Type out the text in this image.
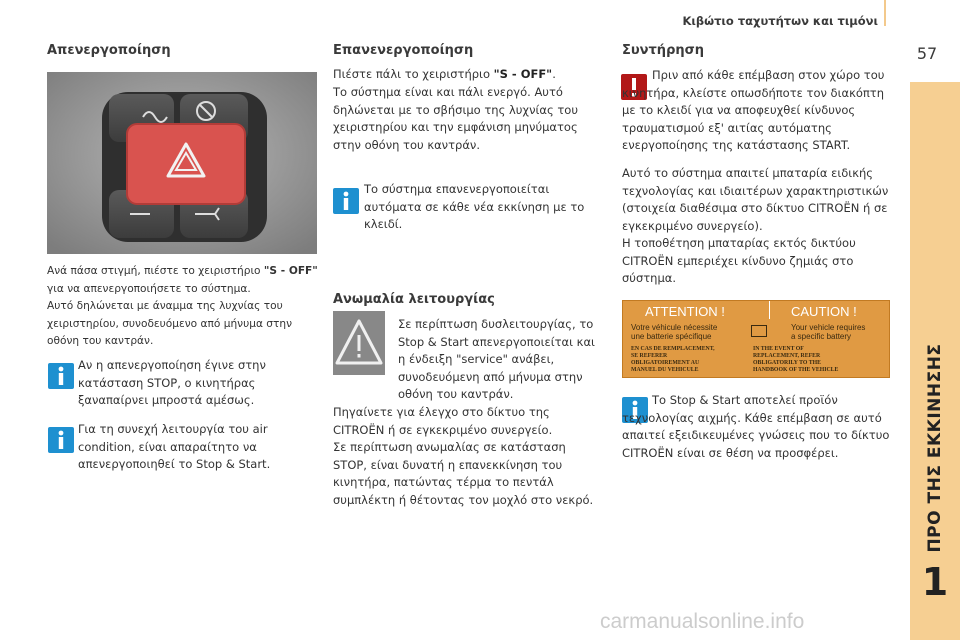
Κιβώτιο ταχυτήτων και τιμόνι
57
ΠΡΟ ΤΗΣ ΕΚΚΙΝΗΣΗΣ
1
Απενεργοποίηση
Ανά πάσα στιγμή, πιέστε το χειριστήριο "S - OFF" για να απενεργοποιήσετε το σύστημα.
Αυτό δηλώνεται με άναμμα της λυχνίας του χειριστηρίου, συνοδευόμενο από μήνυμα στην οθόνη του καντράν.
Αν η απενεργοποίηση έγινε στην κατάσταση STOP, ο κινητήρας ξαναπαίρνει μπροστά αμέσως.
Για τη συνεχή λειτουργία του air condition, είναι απαραίτητο να απενεργοποιηθεί το Stop & Start.
Επανενεργοποίηση
Πιέστε πάλι το χειριστήριο "S - OFF".
Το σύστημα είναι και πάλι ενεργό. Αυτό δηλώνεται με το σβήσιμο της λυχνίας του χειριστηρίου και την εμφάνιση μηνύματος στην οθόνη του καντράν.
Το σύστημα επανενεργοποιείται αυτόματα σε κάθε νέα εκκίνηση με το κλειδί.
Ανωμαλία λειτουργίας
Σε περίπτωση δυσλειτουργίας, το Stop & Start απενεργοποιείται και η ένδειξη "service" ανάβει, συνοδευόμενη από μήνυμα στην οθόνη του καντράν.
Πηγαίνετε για έλεγχο στο δίκτυο της CITROËN ή σε εγκεκριμένο συνεργείο.
Σε περίπτωση ανωμαλίας σε κατάσταση STOP, είναι δυνατή η επανεκκίνηση του κινητήρα, πατώντας τέρμα το πεντάλ συμπλέκτη ή θέτοντας τον μοχλό στο νεκρό.
Συντήρηση
Πριν από κάθε επέμβαση στον χώρο του κινητήρα, κλείστε οπωσδήποτε τον διακόπτη με το κλειδί για να αποφευχθεί κίνδυνος τραυματισμού εξ' αιτίας αυτόματης ενεργοποίησης της κατάστασης START.
Αυτό το σύστημα απαιτεί μπαταρία ειδικής τεχνολογίας και ιδιαιτέρων χαρακτηριστικών (στοιχεία διαθέσιμα στο δίκτυο CITROËN ή σε εγκεκριμένο συνεργείο).
Η τοποθέτηση μπαταρίας εκτός δικτύου CITROËN εμπεριέχει κίνδυνο ζημιάς στο σύστημα.
ATTENTION !	CAUTION !
Votre véhicule nécessite
une batterie spécifique
Your vehicle requires
a specific battery
EN CAS DE REMPLACEMENT,
SE REFERER
OBLIGATOIREMENT AU
MANUEL DU VEHICULE
IN THE EVENT OF
REPLACEMENT, REFER
OBLIGATORILY TO THE
HANDBOOK OF THE VEHICLE
Το Stop & Start αποτελεί προϊόν τεχνολογίας αιχμής. Κάθε επέμβαση σε αυτό απαιτεί εξειδικευμένες γνώσεις που το δίκτυο CITROËN είναι σε θέση να προσφέρει.
carmanualsonline.info
